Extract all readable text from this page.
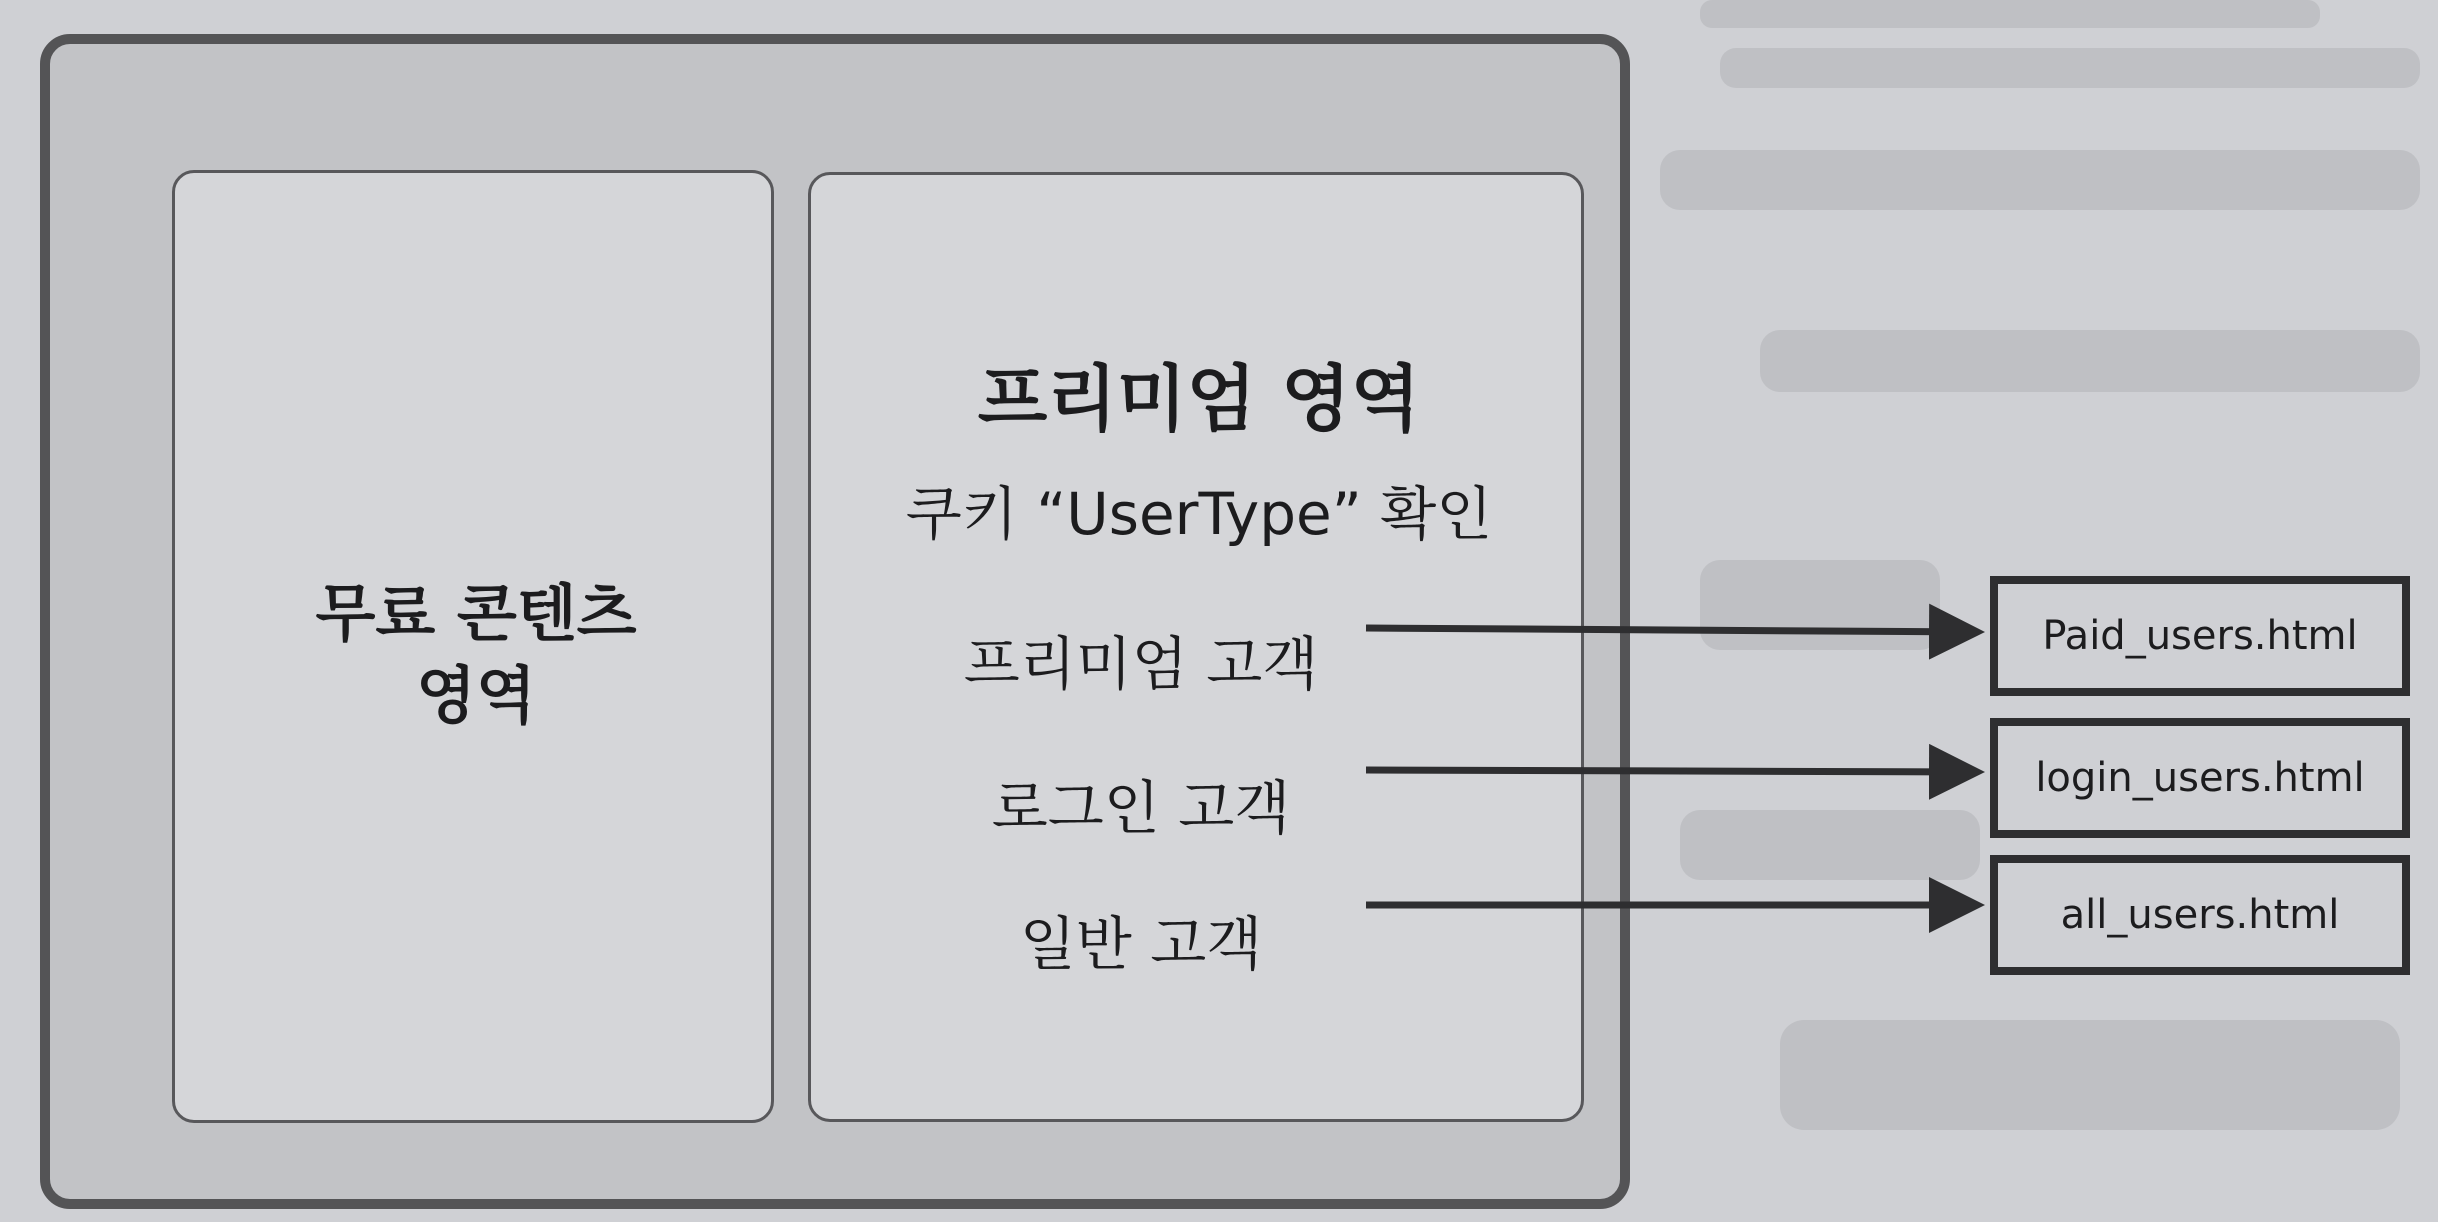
무료 콘텐츠
영역
프리미엄 영역
쿠키 “UserType” 확인
프리미엄 고객
로그인 고객
일반 고객
Paid_users.html
login_users.html
all_users.html
